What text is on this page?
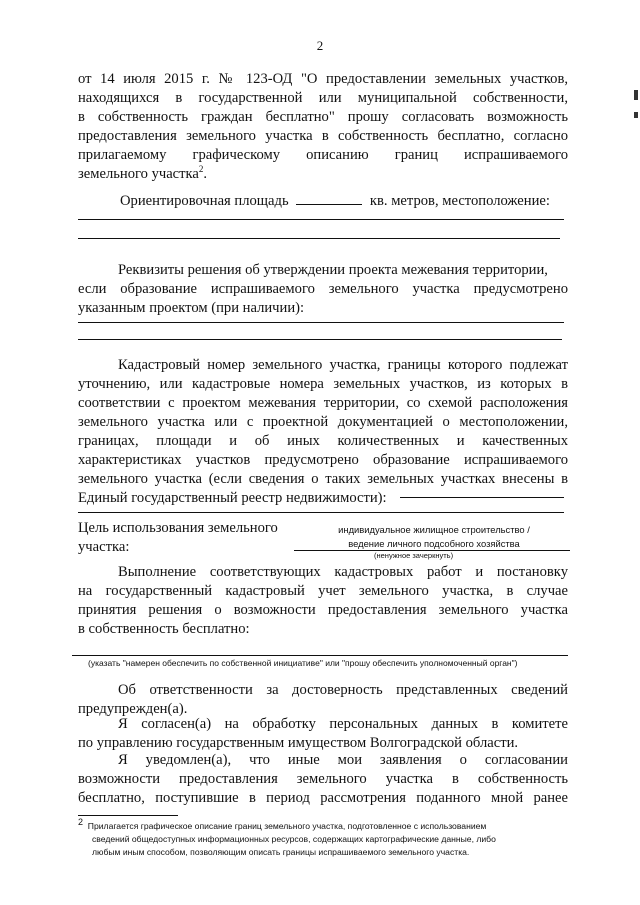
2
от 14 июля 2015 г. № 123-ОД "О предоставлении земельных участков,
находящихся в государственной или муниципальной собственности,
в собственность граждан бесплатно" прошу согласовать возможность
предоставления земельного участка в собственность бесплатно, согласно
прилагаемому графическому описанию границ испрашиваемого
земельного участка$^2$.
Ориентировочная площадь	кв. метров, местоположение:
Реквизиты решения об утверждении проекта межевания территории,
если образование испрашиваемого земельного участка предусмотрено
указанным проектом (при наличии):
Кадастровый номер земельного участка, границы которого подлежат
уточнению, или кадастровые номера земельных участков, из которых в
соответствии с проектом межевания территории, со схемой расположения
земельного участка или с проектной документацией о местоположении,
границах, площади и об иных количественных и качественных
характеристиках участков предусмотрено образование испрашиваемого
земельного участка (если сведения о таких земельных участках внесены в
Единый государственный реестр недвижимости):
Цель использования земельного
участка:
индивидуальное жилищное строительство /
ведение личного подсобного хозяйства
(ненужное зачеркнуть)
Выполнение соответствующих кадастровых работ и постановку
на государственный кадастровый учет земельного участка, в случае
принятия решения о возможности предоставления земельного участка
в собственность бесплатно:
(указать "намерен обеспечить по собственной инициативе" или "прошу обеспечить уполномоченный орган")
Об ответственности за достоверность представленных сведений
предупрежден(а).
Я согласен(а) на обработку персональных данных в комитете
по управлению государственным имуществом Волгоградской области.
Я уведомлен(а), что иные мои заявления о согласовании
возможности предоставления земельного участка в собственность
бесплатно, поступившие в период рассмотрения поданного мной ранее
$^2$ Прилагается графическое описание границ земельного участка, подготовленное с использованием
сведений общедоступных информационных ресурсов, содержащих картографические данные, либо
любым иным способом, позволяющим описать границы испрашиваемого земельного участка.
